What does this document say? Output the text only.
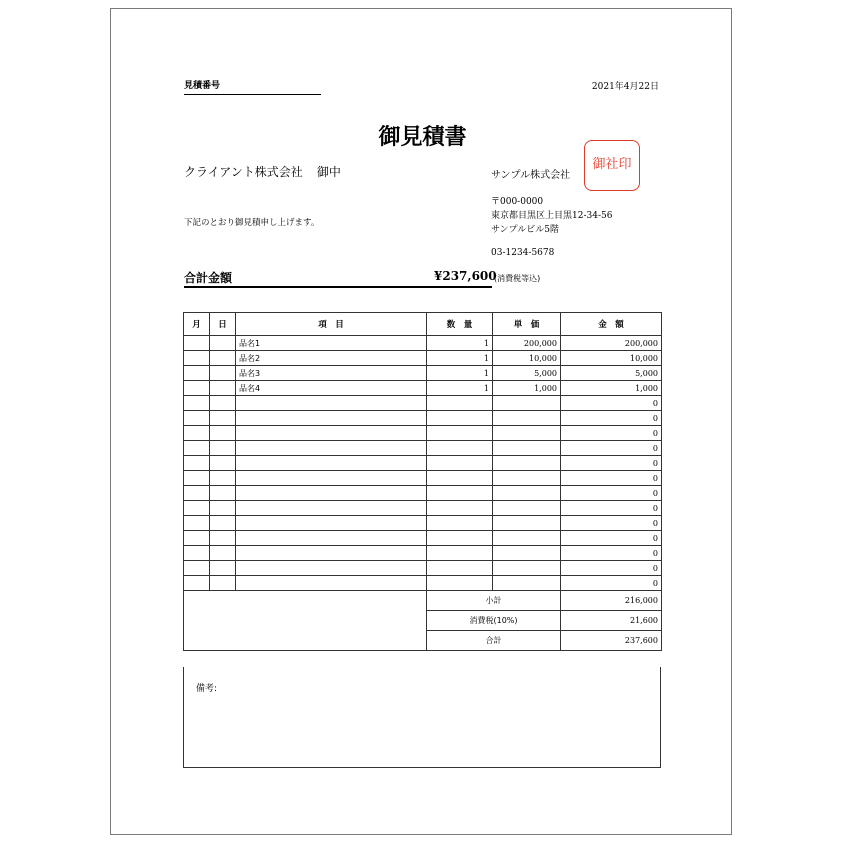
見積番号	2021年4月22日
御見積書
クライアント株式会社 御中
下記のとおり御見積申し上げます。
サンプル株式会社
御社印
〒000-0000
東京都目黒区上目黒12-34-56
サンプルビル5階
03-1234-5678
合計金額	¥237,600
(消費税等込)
月	日	項　目	数　量	単　価	金　額
		品名1	1	200,000	200,000
		品名2	1	10,000	10,000
		品名3	1	5,000	5,000
		品名4	1	1,000	1,000
					0
					0
					0
					0
					0
					0
					0
					0
					0
					0
					0
					0
					0
			小計		216,000
			消費税(10%)		21,600
			合計		237,600
備考:
